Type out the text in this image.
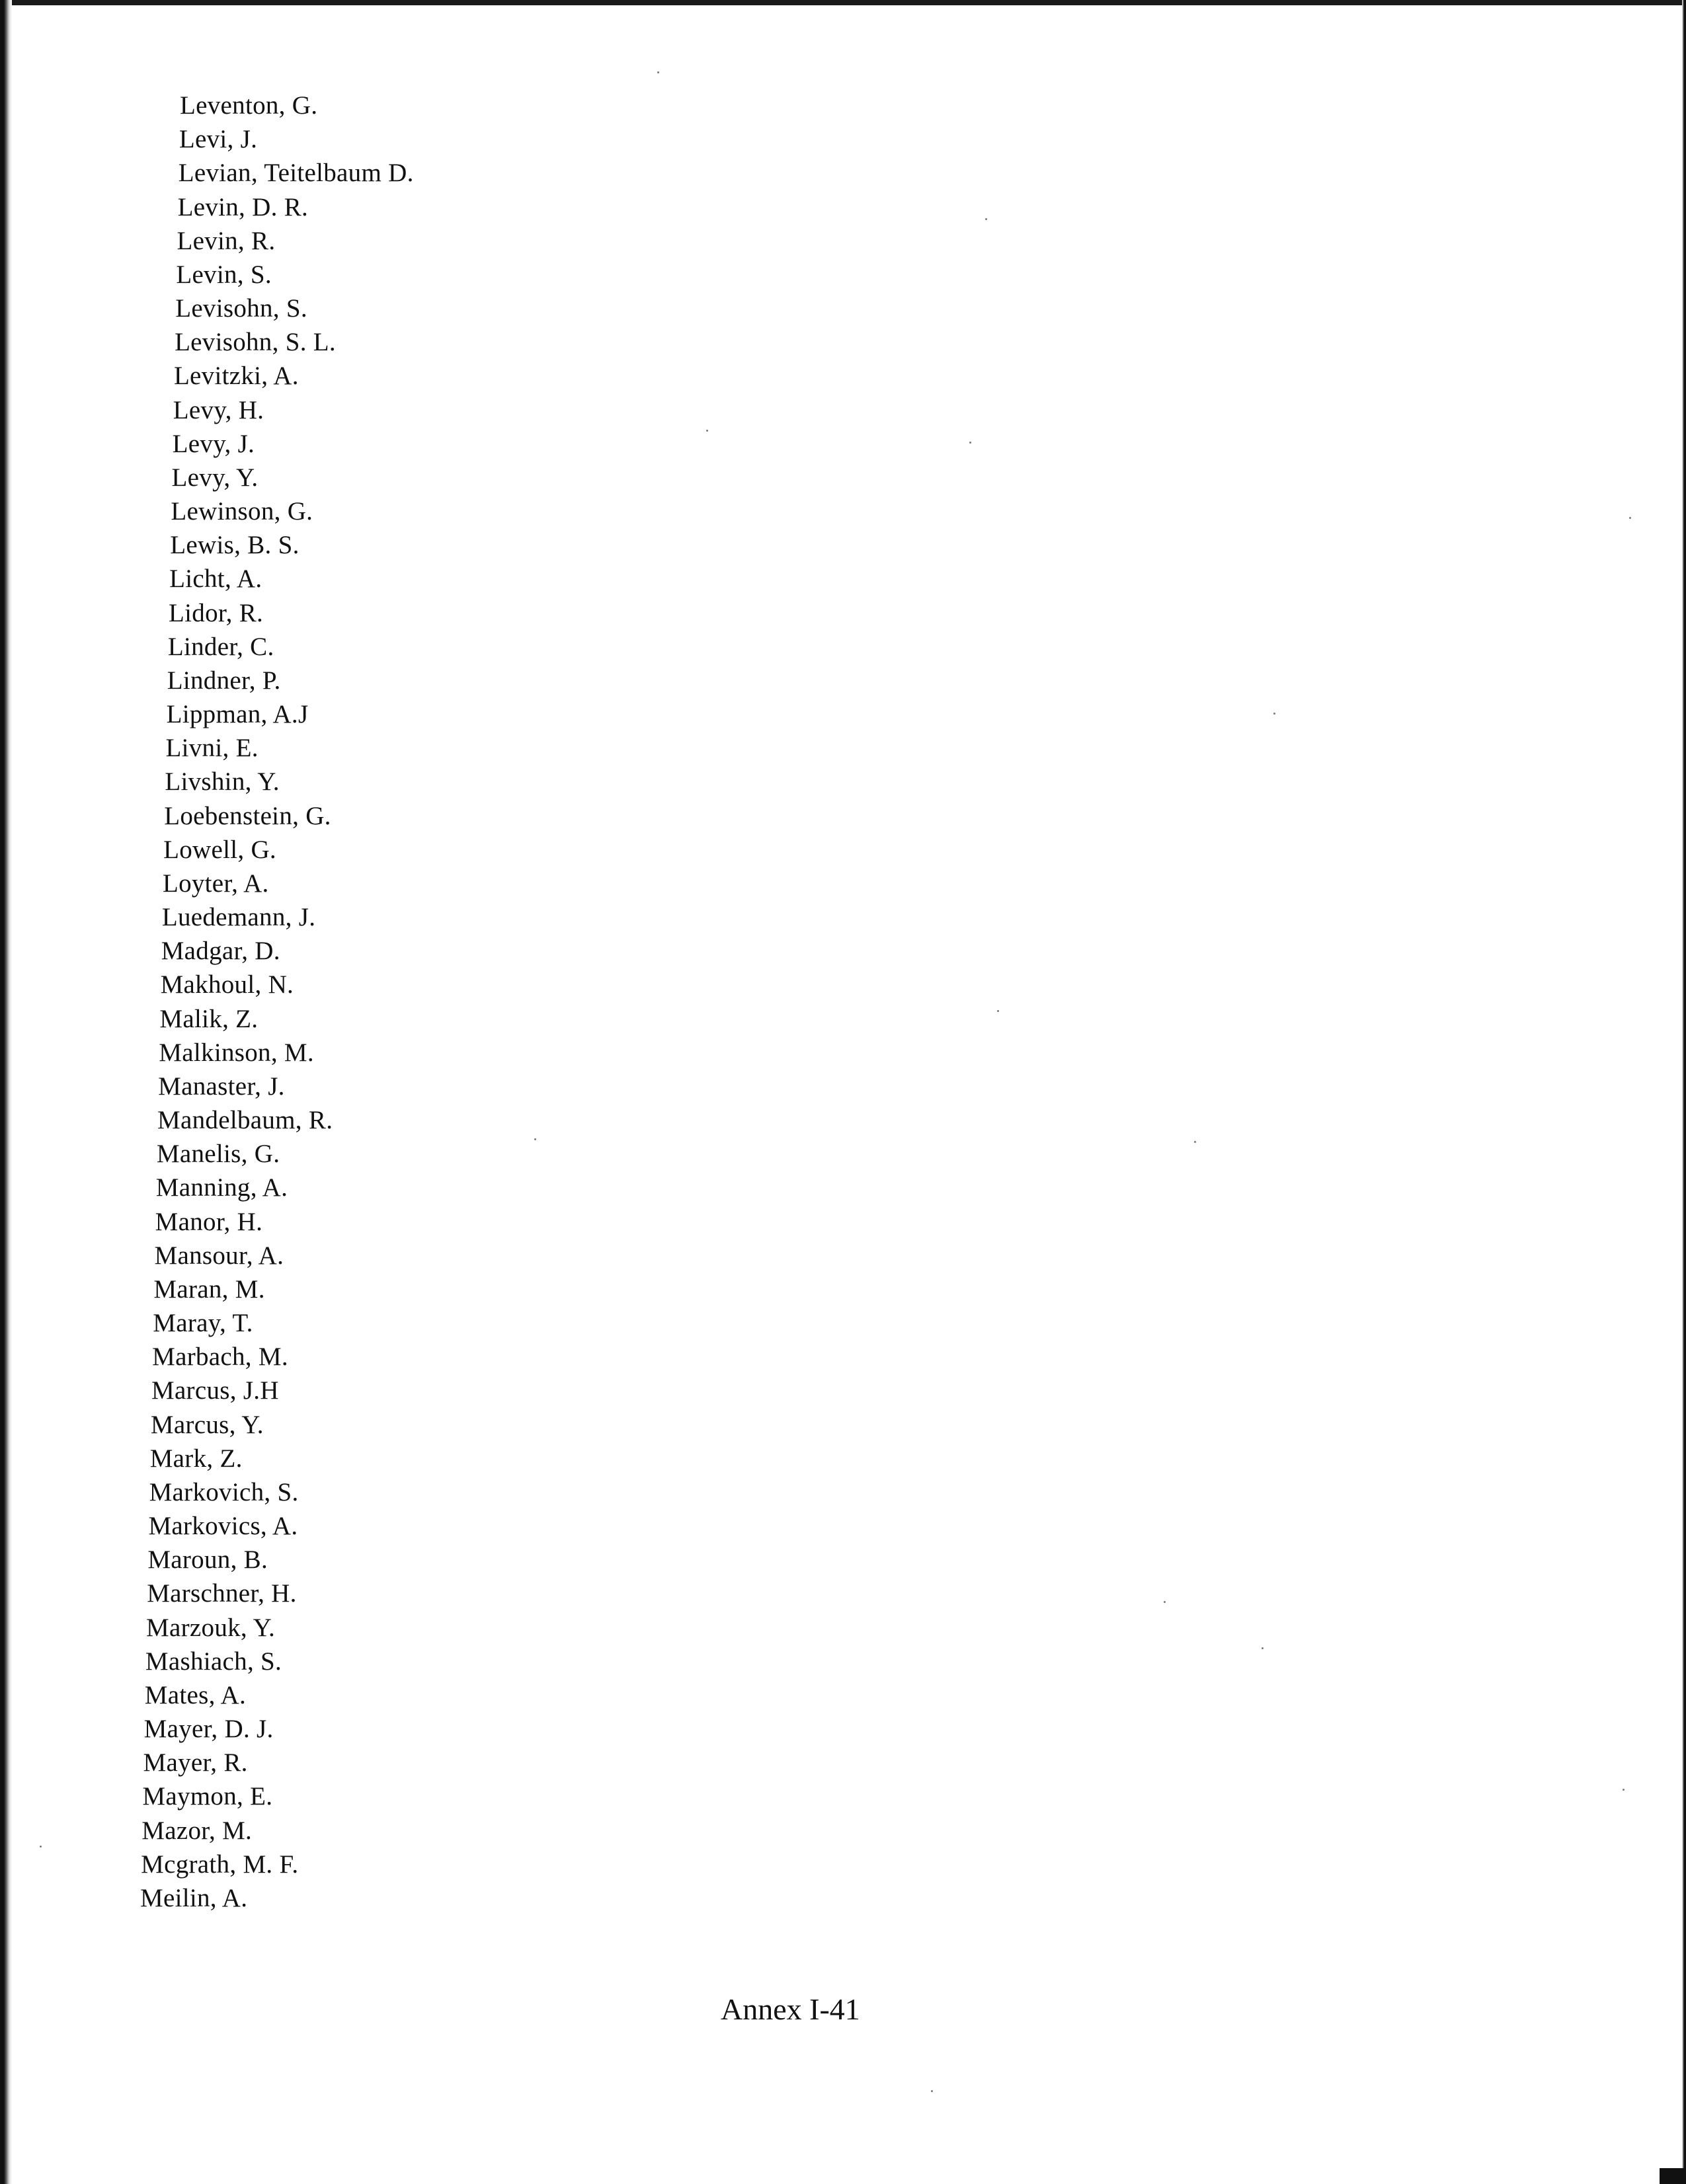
Leventon, G.
Levi, J.
Levian, Teitelbaum D.
Levin, D. R.
Levin, R.
Levin, S.
Levisohn, S.
Levisohn, S. L.
Levitzki, A.
Levy, H.
Levy, J.
Levy, Y.
Lewinson, G.
Lewis, B. S.
Licht, A.
Lidor, R.
Linder, C.
Lindner, P.
Lippman, A.J
Livni, E.
Livshin, Y.
Loebenstein, G.
Lowell, G.
Loyter, A.
Luedemann, J.
Madgar, D.
Makhoul, N.
Malik, Z.
Malkinson, M.
Manaster, J.
Mandelbaum, R.
Manelis, G.
Manning, A.
Manor, H.
Mansour, A.
Maran, M.
Maray, T.
Marbach, M.
Marcus, J.H
Marcus, Y.
Mark, Z.
Markovich, S.
Markovics, A.
Maroun, B.
Marschner, H.
Marzouk, Y.
Mashiach, S.
Mates, A.
Mayer, D. J.
Mayer, R.
Maymon, E.
Mazor, M.
Mcgrath, M. F.
Meilin, A.
Annex I-41
